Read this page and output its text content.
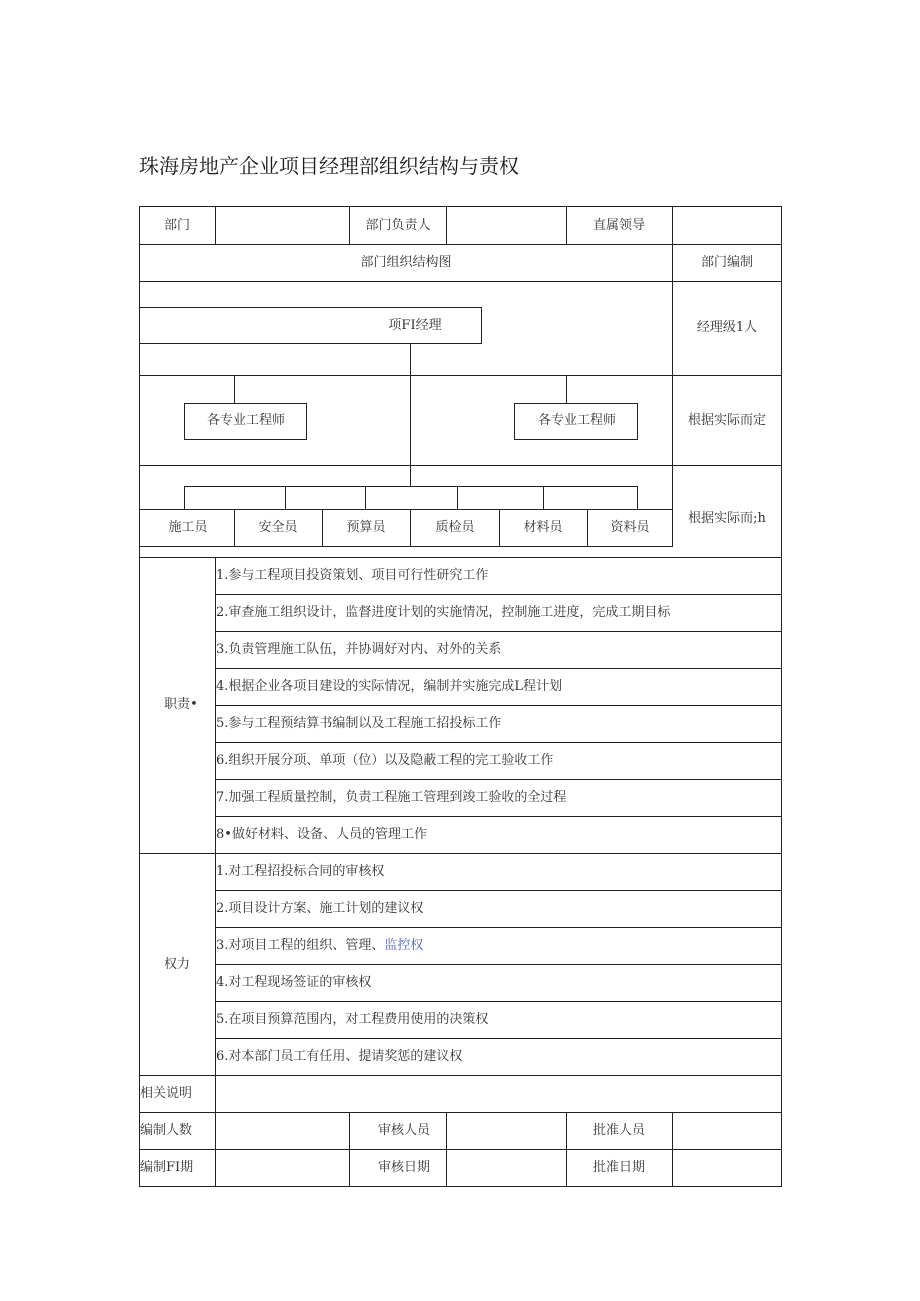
珠海房地产企业项目经理部组织结构与责权
部门	部门负责人	直属领导
部门组织结构图	部门编制
项FI经理	经理级1人
各专业工程师	各专业工程师	根据实际而定
施工员	安全员	预算员	质检员	材料员	资料员
根据实际而;h
职责•
1.参与工程项目投资策划、项目可行性研究工作
2.审查施工组织设计，监督进度计划的实施情况，控制施工进度，完成工期目标
3.负责管理施工队伍，并协调好对内、对外的关系
4.根据企业各项目建设的实际情况，编制并实施完成L程计划
5.参与工程预结算书编制以及工程施工招投标工作
6.组织开展分项、单项（位）以及隐蔽工程的完工验收工作
7.加强工程质量控制，负责工程施工管理到竣工验收的全过程
8•做好材料、设备、人员的管理工作
权力
1.对工程招投标合同的审核权
2.项目设计方案、施工计划的建议权
3.对项目工程的组织、管理、监控权
4.对工程现场签证的审核权
5.在项目预算范围内，对工程费用使用的决策权
6.对本部门员工有任用、提请奖惩的建议权
相关说明
编制人数	审核人员	批准人员
编制FI期	审核日期	批准日期
